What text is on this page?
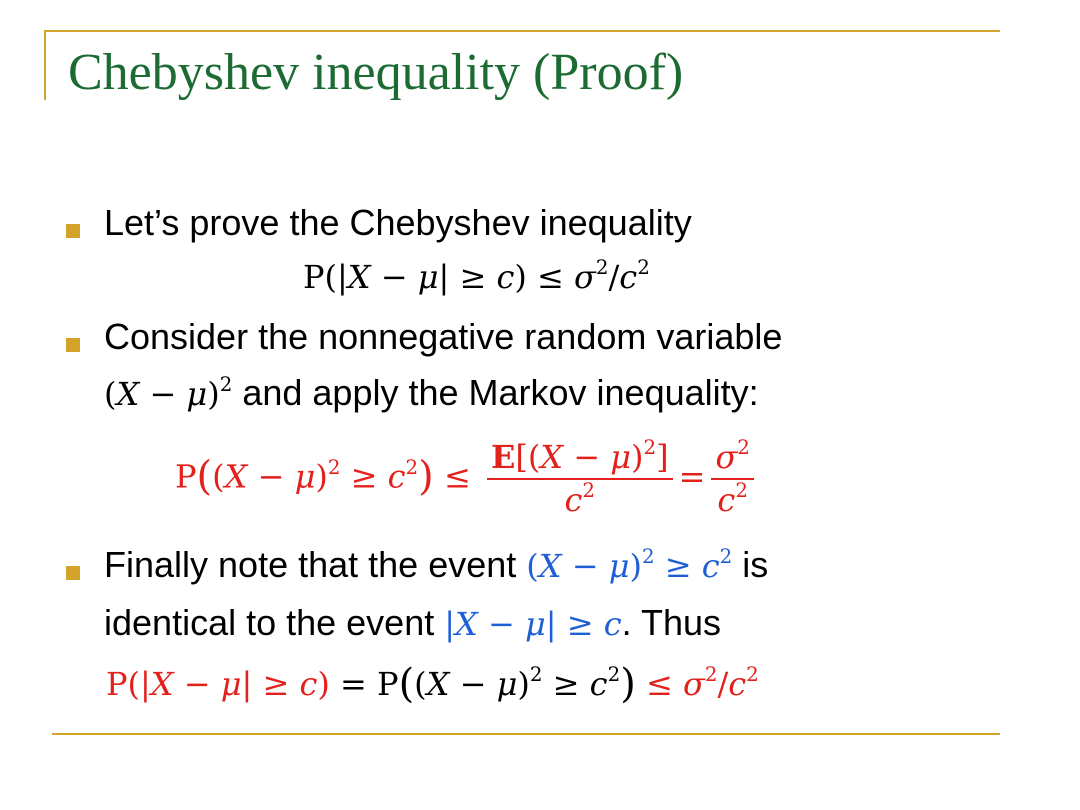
Chebyshev inequality (Proof)
Let’s prove the Chebyshev inequality
$P(|X - \mu| \ge c) \le \sigma^2/c^2$
Consider the nonnegative random variable
$(X - \mu)^2$ and apply the Markov inequality:
$P((X - \mu)^2 \ge c^2) \le \frac{E[(X - \mu)^2]}{c^2} = \frac{\sigma^2}{c^2}$
Finally note that the event $(X - \mu)^2 \ge c^2$ is
identical to the event |X − μ| ≥ c. Thus
$P(|X - \mu| \ge c) = P((X - \mu)^2 \ge c^2) \le \sigma^2/c^2$
